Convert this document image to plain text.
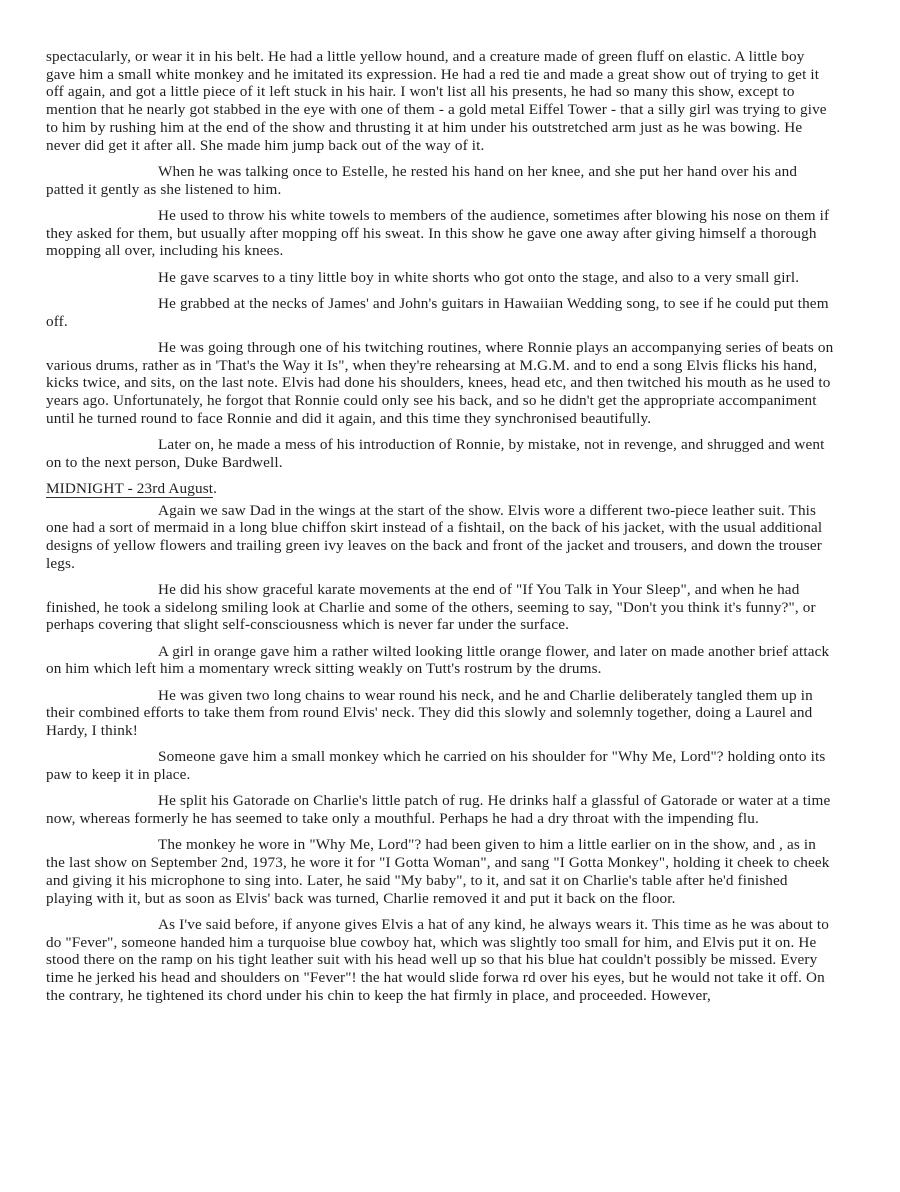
spectacularly, or wear it in his belt. He had a little yellow hound, and a creature made of green fluff on elastic. A little boy gave him a small white monkey and he imitated its expression. He had a red tie and made a great show out of trying to get it off again, and got a little piece of it left stuck in his hair. I won't list all his presents, he had so many this show, except to mention that he nearly got stabbed in the eye with one of them - a gold metal Eiffel Tower - that a silly girl was trying to give to him by rushing him at the end of the show and thrusting it at him under his outstretched arm just as he was bowing. He never did get it after all. She made him jump back out of the way of it.

When he was talking once to Estelle, he rested his hand on her knee, and she put her hand over his and patted it gently as she listened to him.

He used to throw his white towels to members of the audience, sometimes after blowing his nose on them if they asked for them, but usually after mopping off his sweat. In this show he gave one away after giving himself a thorough mopping all over, including his knees.

He gave scarves to a tiny little boy in white shorts who got onto the stage, and also to a very small girl.

He grabbed at the necks of James' and John's guitars in Hawaiian Wedding song, to see if he could put them off.

He was going through one of his twitching routines, where Ronnie plays an accompanying series of beats on various drums, rather as in 'That's the Way it Is", when they're rehearsing at M.G.M. and to end a song Elvis flicks his hand, kicks twice, and sits, on the last note. Elvis had done his shoulders, knees, head etc, and then twitched his mouth as he used to years ago. Unfortunately, he forgot that Ronnie could only see his back, and so he didn't get the appropriate accompaniment until he turned round to face Ronnie and did it again, and this time they synchronised beautifully.

Later on, he made a mess of his introduction of Ronnie, by mistake, not in revenge, and shrugged and went on to the next person, Duke Bardwell.

MIDNIGHT - 23rd August.

Again we saw Dad in the wings at the start of the show. Elvis wore a different two-piece leather suit. This one had a sort of mermaid in a long blue chiffon skirt instead of a fishtail, on the back of his jacket, with the usual additional designs of yellow flowers and trailing green ivy leaves on the back and front of the jacket and trousers, and down the trouser legs.

He did his show graceful karate movements at the end of "If You Talk in Your Sleep", and when he had finished, he took a sidelong smiling look at Charlie and some of the others, seeming to say, "Don't you think it's funny?", or perhaps covering that slight self-consciousness which is never far under the surface.

A girl in orange gave him a rather wilted looking little orange flower, and later on made another brief attack on him which left him a momentary wreck sitting weakly on Tutt's rostrum by the drums.

He was given two long chains to wear round his neck, and he and Charlie deliberately tangled them up in their combined efforts to take them from round Elvis' neck. They did this slowly and solemnly together, doing a Laurel and Hardy, I think!

Someone gave him a small monkey which he carried on his shoulder for "Why Me, Lord"? holding onto its paw to keep it in place.

He split his Gatorade on Charlie's little patch of rug. He drinks half a glassful of Gatorade or water at a time now, whereas formerly he has seemed to take only a mouthful. Perhaps he had a dry throat with the impending flu.

The monkey he wore in "Why Me, Lord"? had been given to him a little earlier on in the show, and , as in the last show on September 2nd, 1973, he wore it for "I Gotta Woman", and sang "I Gotta Monkey", holding it cheek to cheek and giving it his microphone to sing into. Later, he said "My baby", to it, and sat it on Charlie's table after he'd finished playing with it, but as soon as Elvis' back was turned, Charlie removed it and put it back on the floor.

As I've said before, if anyone gives Elvis a hat of any kind, he always wears it. This time as he was about to do "Fever", someone handed him a turquoise blue cowboy hat, which was slightly too small for him, and Elvis put it on. He stood there on the ramp on his tight leather suit with his head well up so that his blue hat couldn't possibly be missed. Every time he jerked his head and shoulders on "Fever"! the hat would slide forwa rd over his eyes, but he would not take it off. On the contrary, he tightened its chord under his chin to keep the hat firmly in place, and proceeded. However,
